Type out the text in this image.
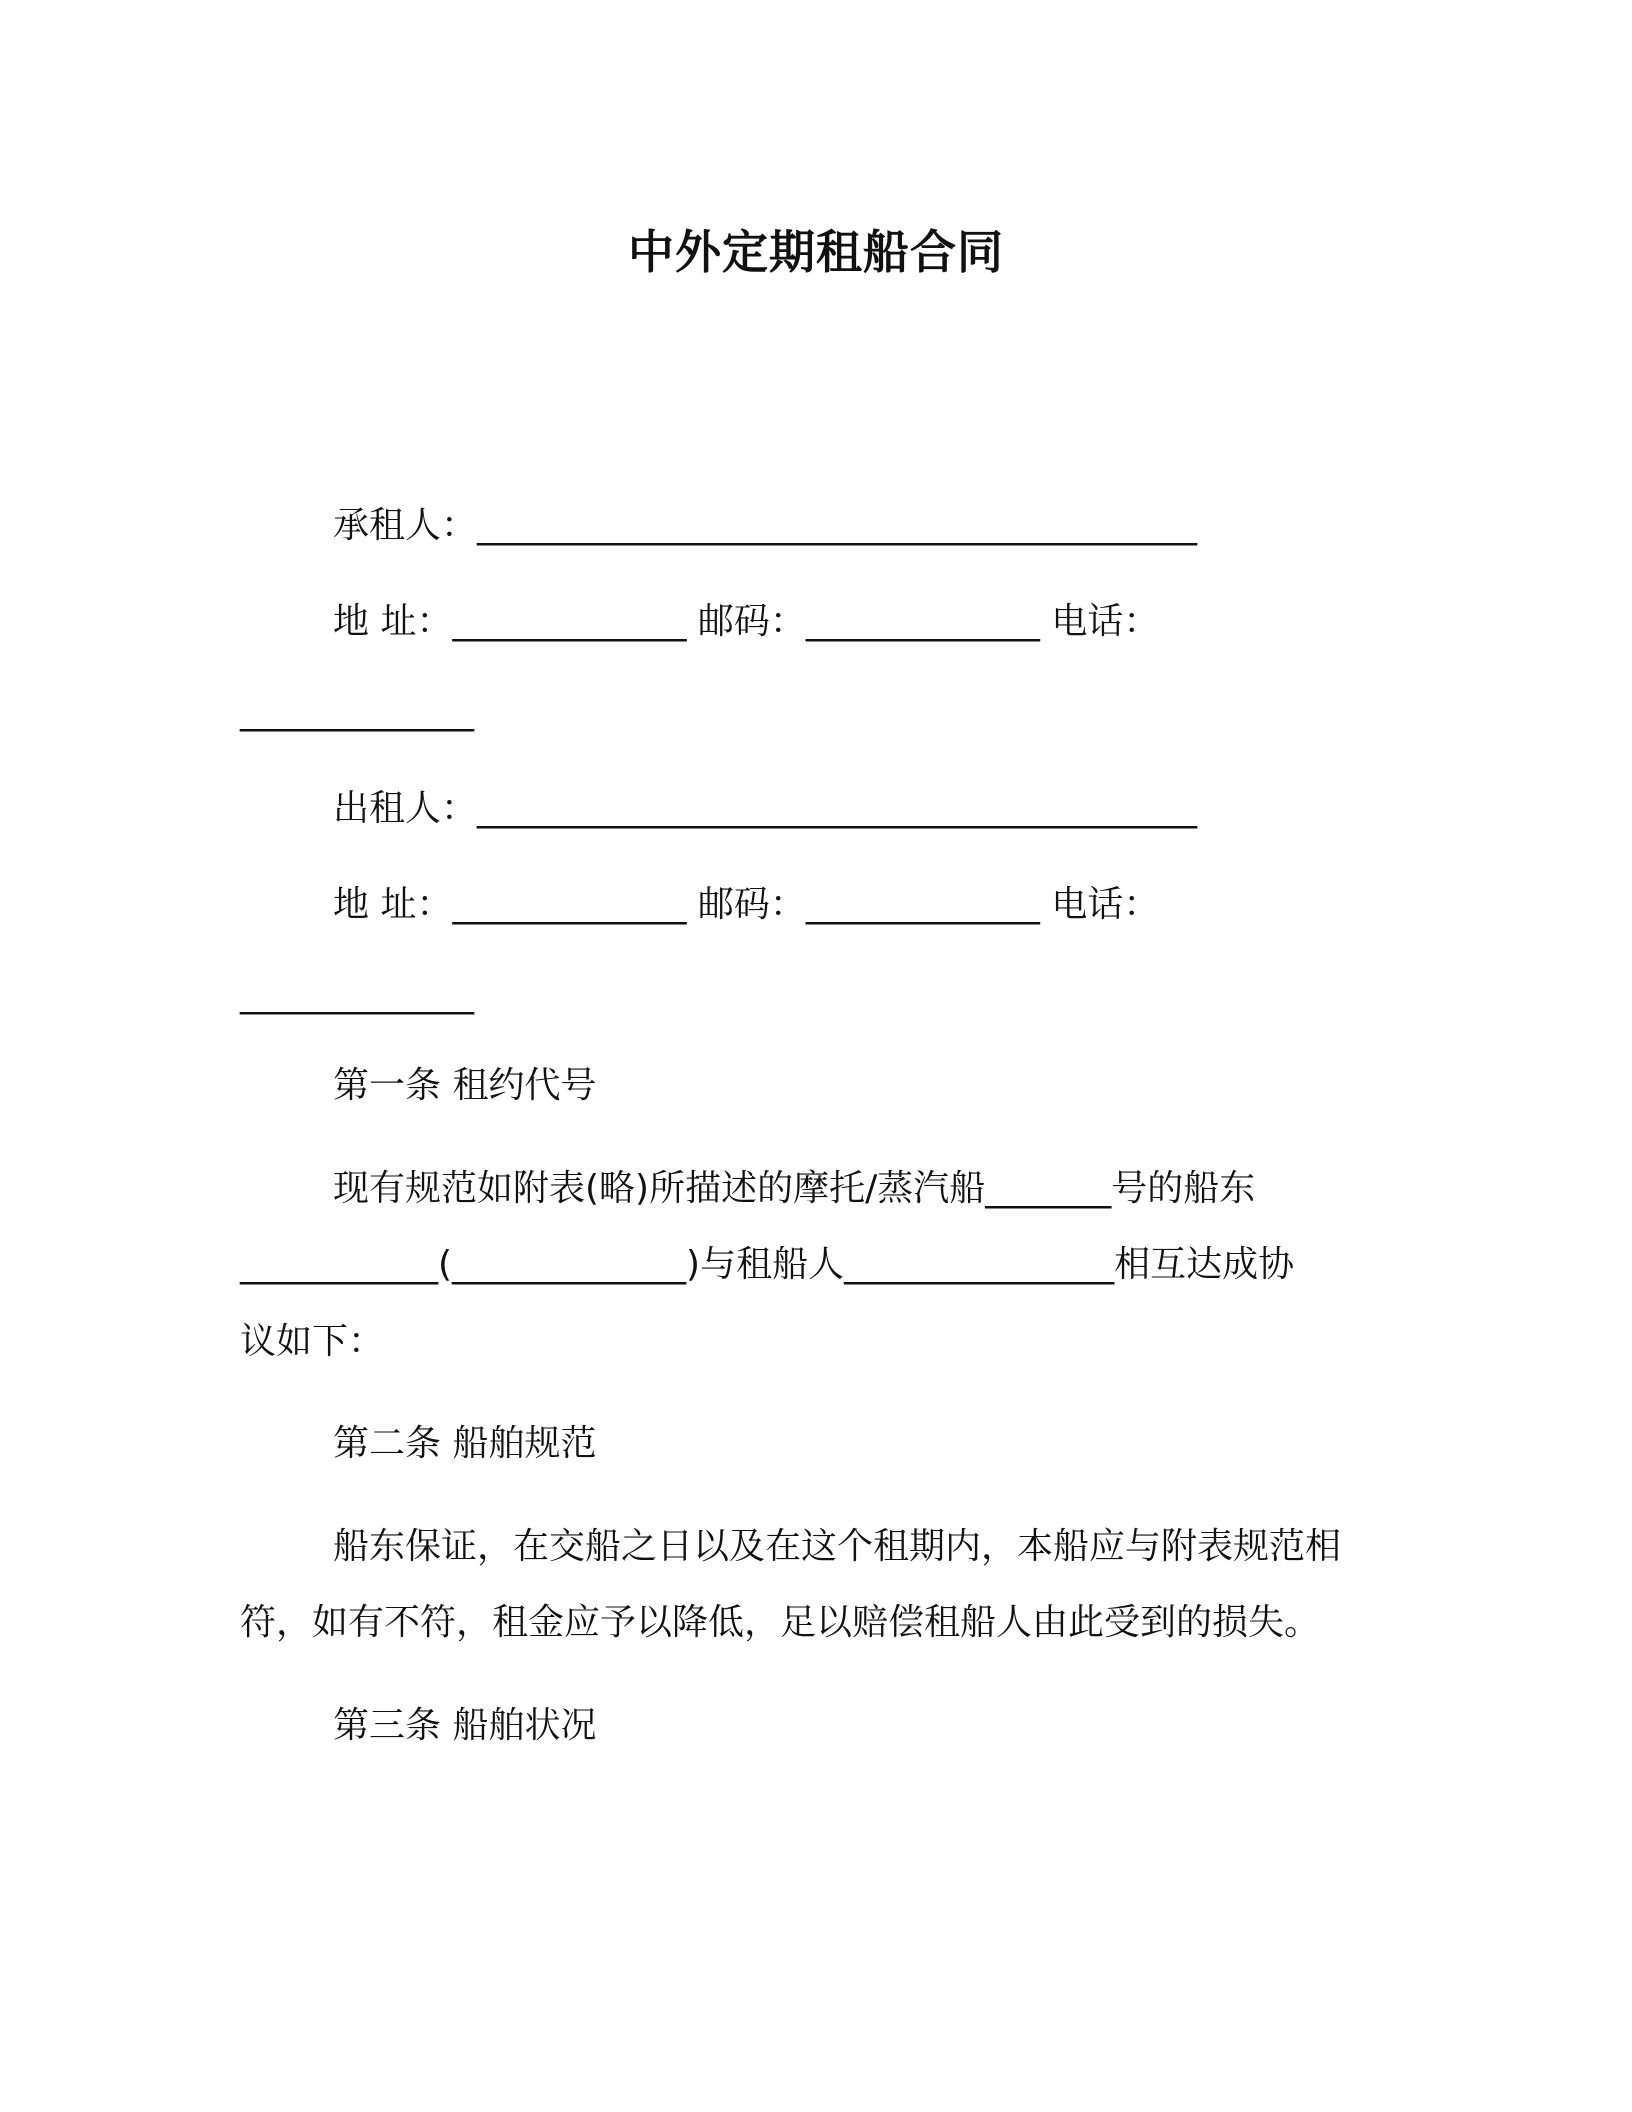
中外定期租船合同
承租人：________________________________________
地 址：_____________ 邮码：_____________ 电话：
_____________
出租人：________________________________________
地 址：_____________ 邮码：_____________ 电话：
_____________
第一条 租约代号
现有规范如附表(略)所描述的摩托/蒸汽船_______号的船东
___________(_____________)与租船人_______________相互达成协
议如下：
第二条 船舶规范
船东保证，在交船之日以及在这个租期内，本船应与附表规范相
符，如有不符，租金应予以降低，足以赔偿租船人由此受到的损失。
第三条 船舶状况
